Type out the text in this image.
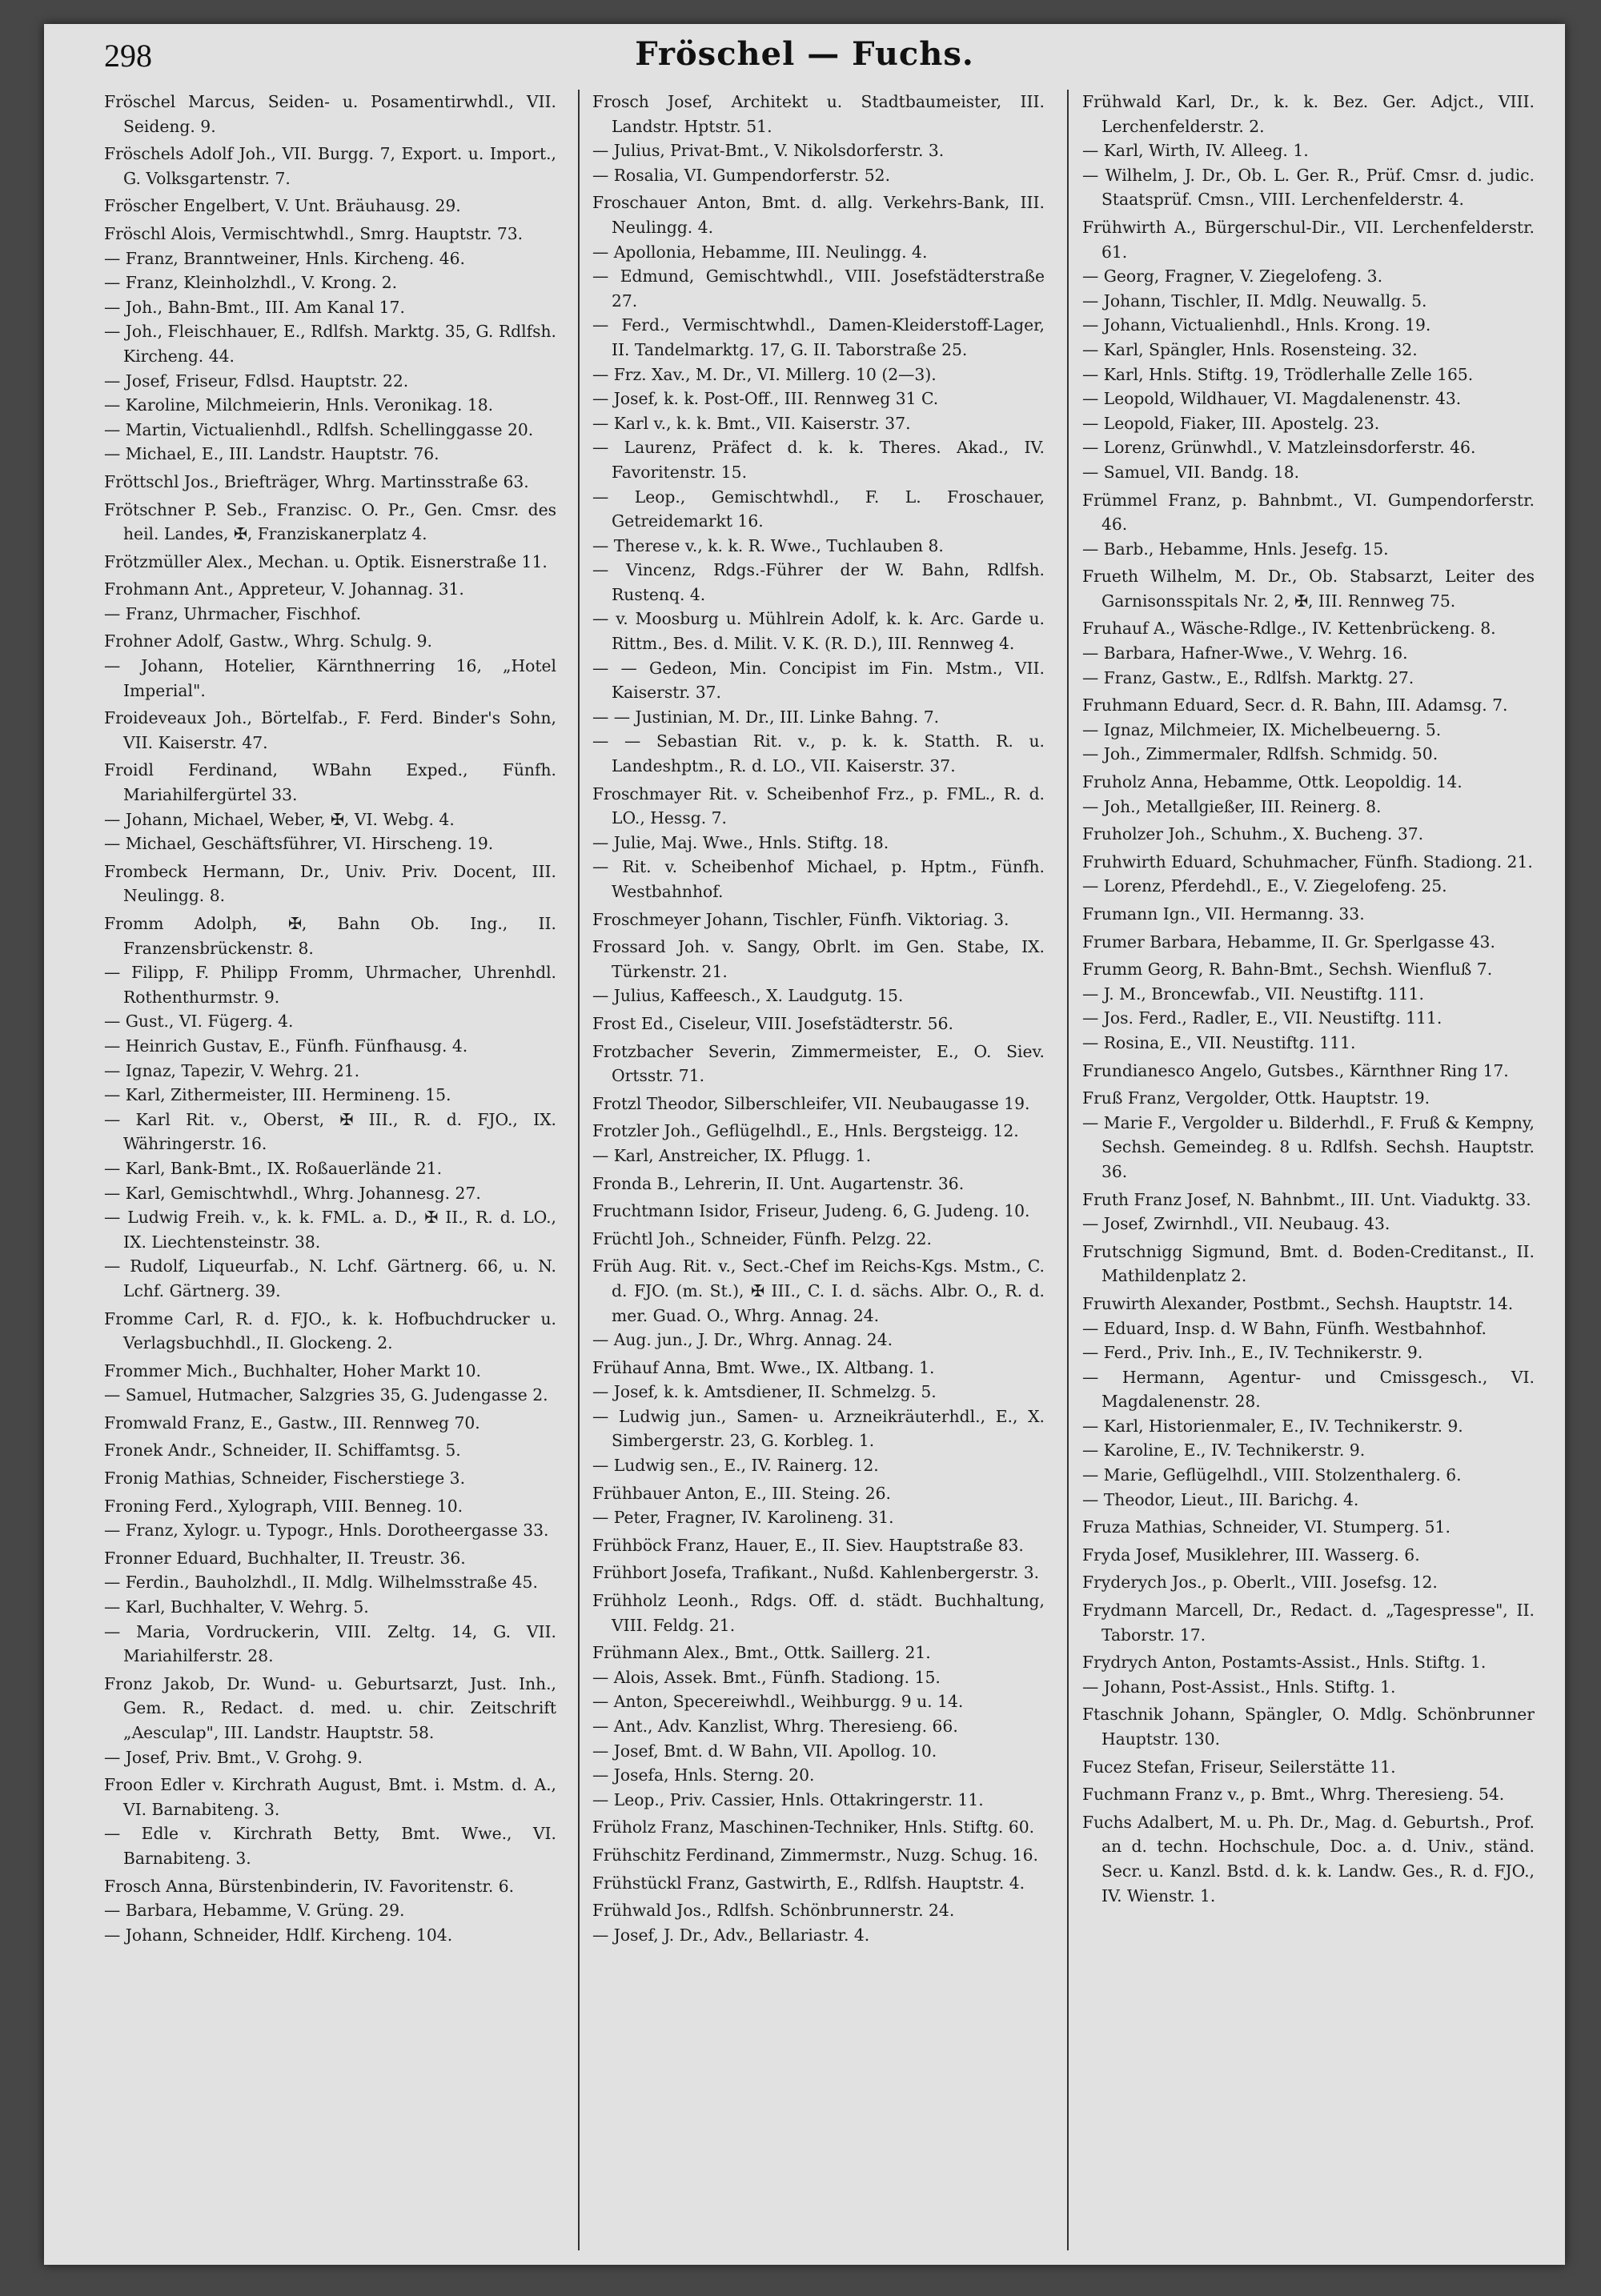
298	Fröschel — Fuchs.

Fröschel Marcus, Seiden- u. Posamentirwhdl., VII. Seideng. 9.

Fröschels Adolf Joh., VII. Burgg. 7, Export. u. Import., G. Volksgartenstr. 7.

Fröscher Engelbert, V. Unt. Bräuhausg. 29.

Fröschl Alois, Vermischtwhdl., Smrg. Hauptstr. 73.

— Franz, Branntweiner, Hnls. Kircheng. 46.

— Franz, Kleinholzhdl., V. Krong. 2.

— Joh., Bahn-Bmt., III. Am Kanal 17.

— Joh., Fleischhauer, E., Rdlfsh. Marktg. 35, G. Rdlfsh. Kircheng. 44.

— Josef, Friseur, Fdlsd. Hauptstr. 22.

— Karoline, Milchmeierin, Hnls. Veronikag. 18.

— Martin, Victualienhdl., Rdlfsh. Schellinggasse 20.

— Michael, E., III. Landstr. Hauptstr. 76.

Fröttschl Jos., Briefträger, Whrg. Martinsstraße 63.

Frötschner P. Seb., Franzisc. O. Pr., Gen. Cmsr. des heil. Landes, ✠, Franziskanerplatz 4.

Frötzmüller Alex., Mechan. u. Optik. Eisnerstraße 11.

Frohmann Ant., Appreteur, V. Johannag. 31.

— Franz, Uhrmacher, Fischhof.

Frohner Adolf, Gastw., Whrg. Schulg. 9.

— Johann, Hotelier, Kärnthnerring 16, „Hotel Imperial".

Froideveaux Joh., Börtelfab., F. Ferd. Binder's Sohn, VII. Kaiserstr. 47.

Froidl Ferdinand, WBahn Exped., Fünfh. Mariahilfergürtel 33.

— Johann, Michael, Weber, ✠, VI. Webg. 4.

— Michael, Geschäftsführer, VI. Hirscheng. 19.

Frombeck Hermann, Dr., Univ. Priv. Docent, III. Neulingg. 8.

Fromm Adolph, ✠, Bahn Ob. Ing., II. Franzensbrückenstr. 8.

— Filipp, F. Philipp Fromm, Uhrmacher, Uhrenhdl. Rothenthurmstr. 9.

— Gust., VI. Fügerg. 4.

— Heinrich Gustav, E., Fünfh. Fünfhausg. 4.

— Ignaz, Tapezir, V. Wehrg. 21.

— Karl, Zithermeister, III. Hermineng. 15.

— Karl Rit. v., Oberst, ✠ III., R. d. FJO., IX. Währingerstr. 16.

— Karl, Bank-Bmt., IX. Roßauerlände 21.

— Karl, Gemischtwhdl., Whrg. Johannesg. 27.

— Ludwig Freih. v., k. k. FML. a. D., ✠ II., R. d. LO., IX. Liechtensteinstr. 38.

— Rudolf, Liqueurfab., N. Lchf. Gärtnerg. 66, u. N. Lchf. Gärtnerg. 39.

Fromme Carl, R. d. FJO., k. k. Hofbuchdrucker u. Verlagsbuchhdl., II. Glockeng. 2.

Frommer Mich., Buchhalter, Hoher Markt 10.

— Samuel, Hutmacher, Salzgries 35, G. Judengasse 2.

Fromwald Franz, E., Gastw., III. Rennweg 70.

Fronek Andr., Schneider, II. Schiffamtsg. 5.

Fronig Mathias, Schneider, Fischerstiege 3.

Froning Ferd., Xylograph, VIII. Benneg. 10.

— Franz, Xylogr. u. Typogr., Hnls. Dorotheergasse 33.

Fronner Eduard, Buchhalter, II. Treustr. 36.

— Ferdin., Bauholzhdl., II. Mdlg. Wilhelmsstraße 45.

— Karl, Buchhalter, V. Wehrg. 5.

— Maria, Vordruckerin, VIII. Zeltg. 14, G. VII. Mariahilferstr. 28.

Fronz Jakob, Dr. Wund- u. Geburtsarzt, Just. Inh., Gem. R., Redact. d. med. u. chir. Zeitschrift „Aesculap", III. Landstr. Hauptstr. 58.

— Josef, Priv. Bmt., V. Grohg. 9.

Froon Edler v. Kirchrath August, Bmt. i. Mstm. d. A., VI. Barnabiteng. 3.

— Edle v. Kirchrath Betty, Bmt. Wwe., VI. Barnabiteng. 3.

Frosch Anna, Bürstenbinderin, IV. Favoritenstr. 6.

— Barbara, Hebamme, V. Grüng. 29.

— Johann, Schneider, Hdlf. Kircheng. 104.

Frosch Josef, Architekt u. Stadtbaumeister, III. Landstr. Hptstr. 51.

— Julius, Privat-Bmt., V. Nikolsdorferstr. 3.

— Rosalia, VI. Gumpendorferstr. 52.

Froschauer Anton, Bmt. d. allg. Verkehrs-Bank, III. Neulingg. 4.

— Apollonia, Hebamme, III. Neulingg. 4.

— Edmund, Gemischtwhdl., VIII. Josefstädterstraße 27.

— Ferd., Vermischtwhdl., Damen-Kleiderstoff-Lager, II. Tandelmarktg. 17, G. II. Taborstraße 25.

— Frz. Xav., M. Dr., VI. Millerg. 10 (2—3).

— Josef, k. k. Post-Off., III. Rennweg 31 C.

— Karl v., k. k. Bmt., VII. Kaiserstr. 37.

— Laurenz, Präfect d. k. k. Theres. Akad., IV. Favoritenstr. 15.

— Leop., Gemischtwhdl., F. L. Froschauer, Getreidemarkt 16.

— Therese v., k. k. R. Wwe., Tuchlauben 8.

— Vincenz, Rdgs.-Führer der W. Bahn, Rdlfsh. Rustenq. 4.

— v. Moosburg u. Mühlrein Adolf, k. k. Arc. Garde u. Rittm., Bes. d. Milit. V. K. (R. D.), III. Rennweg 4.

— — Gedeon, Min. Concipist im Fin. Mstm., VII. Kaiserstr. 37.

— — Justinian, M. Dr., III. Linke Bahng. 7.

— — Sebastian Rit. v., p. k. k. Statth. R. u. Landeshptm., R. d. LO., VII. Kaiserstr. 37.

Froschmayer Rit. v. Scheibenhof Frz., p. FML., R. d. LO., Hessg. 7.

— Julie, Maj. Wwe., Hnls. Stiftg. 18.

— Rit. v. Scheibenhof Michael, p. Hptm., Fünfh. Westbahnhof.

Froschmeyer Johann, Tischler, Fünfh. Viktoriag. 3.

Frossard Joh. v. Sangy, Obrlt. im Gen. Stabe, IX. Türkenstr. 21.

— Julius, Kaffeesch., X. Laudgutg. 15.

Frost Ed., Ciseleur, VIII. Josefstädterstr. 56.

Frotzbacher Severin, Zimmermeister, E., O. Siev. Ortsstr. 71.

Frotzl Theodor, Silberschleifer, VII. Neubaugasse 19.

Frotzler Joh., Geflügelhdl., E., Hnls. Bergsteigg. 12.

— Karl, Anstreicher, IX. Pflugg. 1.

Fronda B., Lehrerin, II. Unt. Augartenstr. 36.

Fruchtmann Isidor, Friseur, Judeng. 6, G. Judeng. 10.

Früchtl Joh., Schneider, Fünfh. Pelzg. 22.

Früh Aug. Rit. v., Sect.-Chef im Reichs-Kgs. Mstm., C. d. FJO. (m. St.), ✠ III., C. I. d. sächs. Albr. O., R. d. mer. Guad. O., Whrg. Annag. 24.

— Aug. jun., J. Dr., Whrg. Annag. 24.

Frühauf Anna, Bmt. Wwe., IX. Altbang. 1.

— Josef, k. k. Amtsdiener, II. Schmelzg. 5.

— Ludwig jun., Samen- u. Arzneikräuterhdl., E., X. Simbergerstr. 23, G. Korbleg. 1.

— Ludwig sen., E., IV. Rainerg. 12.

Frühbauer Anton, E., III. Steing. 26.

— Peter, Fragner, IV. Karolineng. 31.

Frühböck Franz, Hauer, E., II. Siev. Hauptstraße 83.

Frühbort Josefa, Trafikant., Nußd. Kahlenbergerstr. 3.

Frühholz Leonh., Rdgs. Off. d. städt. Buchhaltung, VIII. Feldg. 21.

Frühmann Alex., Bmt., Ottk. Saillerg. 21.

— Alois, Assek. Bmt., Fünfh. Stadiong. 15.

— Anton, Specereiwhdl., Weihburgg. 9 u. 14.

— Ant., Adv. Kanzlist, Whrg. Theresieng. 66.

— Josef, Bmt. d. W Bahn, VII. Apollog. 10.

— Josefa, Hnls. Sterng. 20.

— Leop., Priv. Cassier, Hnls. Ottakringerstr. 11.

Früholz Franz, Maschinen-Techniker, Hnls. Stiftg. 60.

Frühschitz Ferdinand, Zimmermstr., Nuzg. Schug. 16.

Frühstückl Franz, Gastwirth, E., Rdlfsh. Hauptstr. 4.

Frühwald Jos., Rdlfsh. Schönbrunnerstr. 24.

— Josef, J. Dr., Adv., Bellariastr. 4.

Frühwald Karl, Dr., k. k. Bez. Ger. Adjct., VIII. Lerchenfelderstr. 2.

— Karl, Wirth, IV. Alleeg. 1.

— Wilhelm, J. Dr., Ob. L. Ger. R., Prüf. Cmsr. d. judic. Staatsprüf. Cmsn., VIII. Lerchenfelderstr. 4.

Frühwirth A., Bürgerschul-Dir., VII. Lerchenfelderstr. 61.

— Georg, Fragner, V. Ziegelofeng. 3.

— Johann, Tischler, II. Mdlg. Neuwallg. 5.

— Johann, Victualienhdl., Hnls. Krong. 19.

— Karl, Spängler, Hnls. Rosensteing. 32.

— Karl, Hnls. Stiftg. 19, Trödlerhalle Zelle 165.

— Leopold, Wildhauer, VI. Magdalenenstr. 43.

— Leopold, Fiaker, III. Apostelg. 23.

— Lorenz, Grünwhdl., V. Matzleinsdorferstr. 46.

— Samuel, VII. Bandg. 18.

Frümmel Franz, p. Bahnbmt., VI. Gumpendorferstr. 46.

— Barb., Hebamme, Hnls. Jesefg. 15.

Frueth Wilhelm, M. Dr., Ob. Stabsarzt, Leiter des Garnisonsspitals Nr. 2, ✠, III. Rennweg 75.

Fruhauf A., Wäsche-Rdlge., IV. Kettenbrückeng. 8.

— Barbara, Hafner-Wwe., V. Wehrg. 16.

— Franz, Gastw., E., Rdlfsh. Marktg. 27.

Fruhmann Eduard, Secr. d. R. Bahn, III. Adamsg. 7.

— Ignaz, Milchmeier, IX. Michelbeuerng. 5.

— Joh., Zimmermaler, Rdlfsh. Schmidg. 50.

Fruholz Anna, Hebamme, Ottk. Leopoldig. 14.

— Joh., Metallgießer, III. Reinerg. 8.

Fruholzer Joh., Schuhm., X. Bucheng. 37.

Fruhwirth Eduard, Schuhmacher, Fünfh. Stadiong. 21.

— Lorenz, Pferdehdl., E., V. Ziegelofeng. 25.

Frumann Ign., VII. Hermanng. 33.

Frumer Barbara, Hebamme, II. Gr. Sperlgasse 43.

Frumm Georg, R. Bahn-Bmt., Sechsh. Wienfluß 7.

— J. M., Broncewfab., VII. Neustiftg. 111.

— Jos. Ferd., Radler, E., VII. Neustiftg. 111.

— Rosina, E., VII. Neustiftg. 111.

Frundianesco Angelo, Gutsbes., Kärnthner Ring 17.

Fruß Franz, Vergolder, Ottk. Hauptstr. 19.

— Marie F., Vergolder u. Bilderhdl., F. Fruß & Kempny, Sechsh. Gemeindeg. 8 u. Rdlfsh. Sechsh. Hauptstr. 36.

Fruth Franz Josef, N. Bahnbmt., III. Unt. Viaduktg. 33.

— Josef, Zwirnhdl., VII. Neubaug. 43.

Frutschnigg Sigmund, Bmt. d. Boden-Creditanst., II. Mathildenplatz 2.

Fruwirth Alexander, Postbmt., Sechsh. Hauptstr. 14.

— Eduard, Insp. d. W Bahn, Fünfh. Westbahnhof.

— Ferd., Priv. Inh., E., IV. Technikerstr. 9.

— Hermann, Agentur- und Cmissgesch., VI. Magdalenenstr. 28.

— Karl, Historienmaler, E., IV. Technikerstr. 9.

— Karoline, E., IV. Technikerstr. 9.

— Marie, Geflügelhdl., VIII. Stolzenthalerg. 6.

— Theodor, Lieut., III. Barichg. 4.

Fruza Mathias, Schneider, VI. Stumperg. 51.

Fryda Josef, Musiklehrer, III. Wasserg. 6.

Fryderych Jos., p. Oberlt., VIII. Josefsg. 12.

Frydmann Marcell, Dr., Redact. d. „Tagespresse", II. Taborstr. 17.

Frydrych Anton, Postamts-Assist., Hnls. Stiftg. 1.

— Johann, Post-Assist., Hnls. Stiftg. 1.

Ftaschnik Johann, Spängler, O. Mdlg. Schönbrunner Hauptstr. 130.

Fucez Stefan, Friseur, Seilerstätte 11.

Fuchmann Franz v., p. Bmt., Whrg. Theresieng. 54.

Fuchs Adalbert, M. u. Ph. Dr., Mag. d. Geburtsh., Prof. an d. techn. Hochschule, Doc. a. d. Univ., ständ. Secr. u. Kanzl. Bstd. d. k. k. Landw. Ges., R. d. FJO., IV. Wienstr. 1.
